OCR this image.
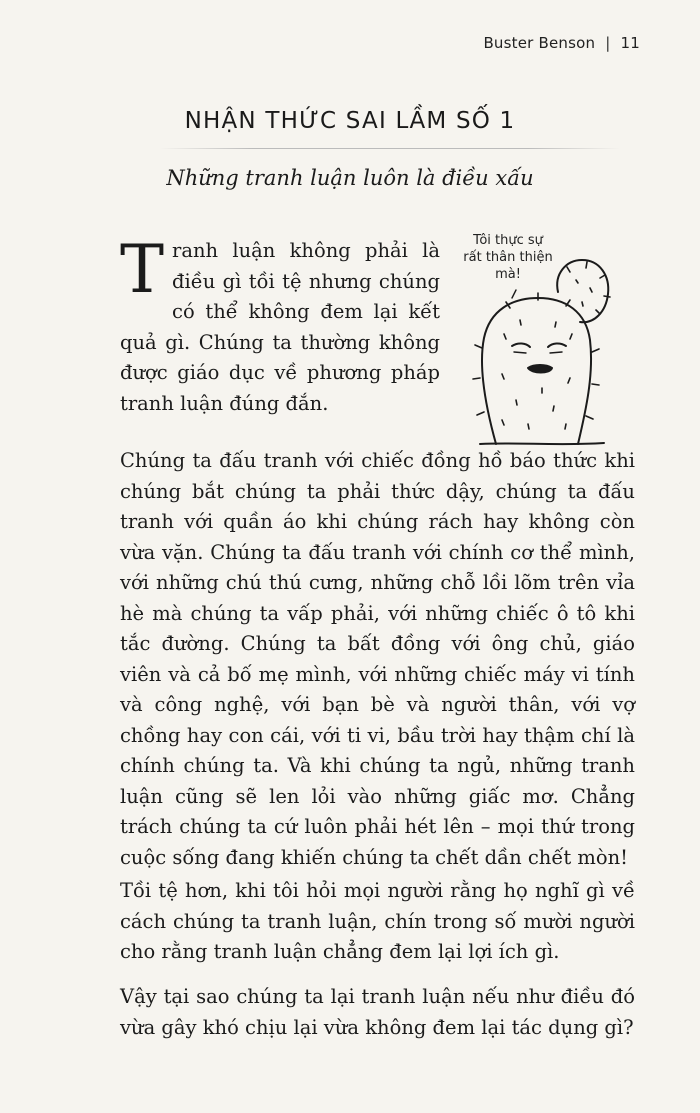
Buster Benson | 11
NHẬN THỨC SAI LẦM SỐ 1
Những tranh luận luôn là điều xấu

Tranh luận không phải là điều gì tồi tệ nhưng chúng có thể không đem lại kết quả gì. Chúng ta thường không được giáo dục về phương pháp tranh luận đúng đắn.

Tôi thực sự rất thân thiện mà!

Chúng ta đấu tranh với chiếc đồng hồ báo thức khi chúng bắt chúng ta phải thức dậy, chúng ta đấu tranh với quần áo khi chúng rách hay không còn vừa vặn. Chúng ta đấu tranh với chính cơ thể mình, với những chú thú cưng, những chỗ lồi lõm trên vỉa hè mà chúng ta vấp phải, với những chiếc ô tô khi tắc đường. Chúng ta bất đồng với ông chủ, giáo viên và cả bố mẹ mình, với những chiếc máy vi tính và công nghệ, với bạn bè và người thân, với vợ chồng hay con cái, với ti vi, bầu trời hay thậm chí là chính chúng ta. Và khi chúng ta ngủ, những tranh luận cũng sẽ len lỏi vào những giấc mơ. Chẳng trách chúng ta cứ luôn phải hét lên – mọi thứ trong cuộc sống đang khiến chúng ta chết dần chết mòn!

Tồi tệ hơn, khi tôi hỏi mọi người rằng họ nghĩ gì về cách chúng ta tranh luận, chín trong số mười người cho rằng tranh luận chẳng đem lại lợi ích gì.

Vậy tại sao chúng ta lại tranh luận nếu như điều đó vừa gây khó chịu lại vừa không đem lại tác dụng gì?
